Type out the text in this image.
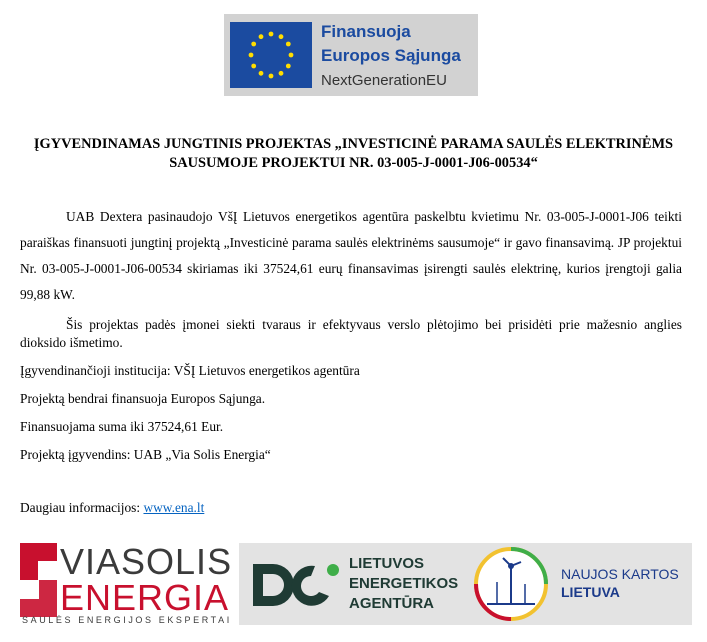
Finansuoja
Europos Sąjunga
NextGenerationEU
ĮGYVENDINAMAS JUNGTINIS PROJEKTAS „INVESTICINĖ PARAMA SAULĖS ELEKTRINĖMS
SAUSUMOJE PROJEKTUI NR. 03-005-J-0001-J06-00534“
UAB Dextera pasinaudojo VšĮ Lietuvos energetikos agentūra paskelbtu kvietimu Nr. 03-005-J-0001-J06 teikti paraiškas finansuoti jungtinį projektą „Investicinė parama saulės elektrinėms sausumoje“ ir gavo finansavimą. JP projektui Nr. 03-005-J-0001-J06-00534 skiriamas iki 37524,61 eurų finansavimas įsirengti saulės elektrinę, kurios įrengtoji galia 99,88 kW.
Šis projektas padės įmonei siekti tvaraus ir efektyvaus verslo plėtojimo bei prisidėti prie mažesnio anglies dioksido išmetimo.
Įgyvendinančioji institucija: VŠĮ Lietuvos energetikos agentūra
Projektą bendrai finansuoja Europos Sąjunga.
Finansuojama suma iki 37524,61 Eur.
Projektą įgyvendins: UAB „Via Solis Energia“
Daugiau informacijos: www.ena.lt
VIASOLIS
ENERGIA
SAULĖS ENERGIJOS EKSPERTAI
LIETUVOS
ENERGETIKOS
AGENTŪRA
NAUJOS KARTOS
LIETUVA
